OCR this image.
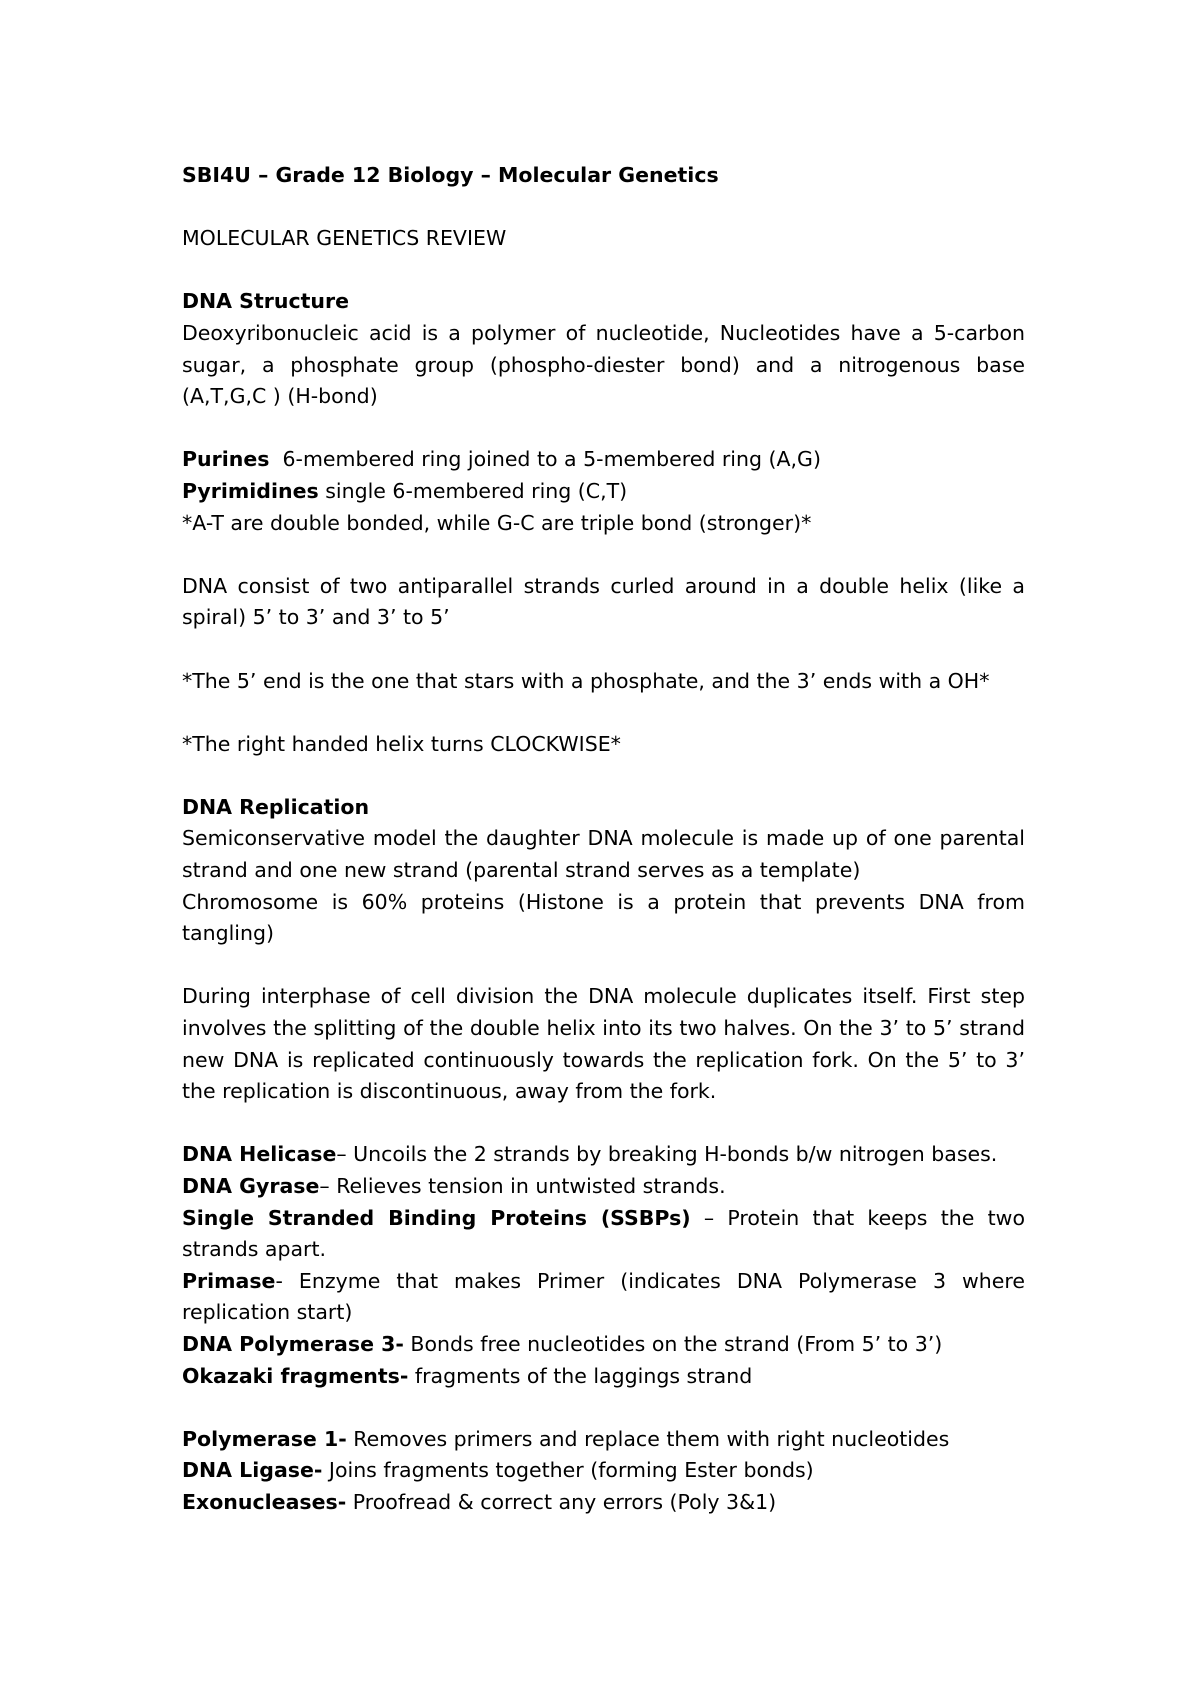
SBI4U – Grade 12 Biology – Molecular Genetics

MOLECULAR GENETICS REVIEW

DNA Structure

Deoxyribonucleic acid is a polymer of nucleotide, Nucleotides have a 5-carbon sugar, a phosphate group (phospho-diester bond) and a nitrogenous base (A,T,G,C ) (H-bond)

Purines 6-membered ring joined to a 5-membered ring (A,G)

Pyrimidines single 6-membered ring (C,T)

*A-T are double bonded, while G-C are triple bond (stronger)*

DNA consist of two antiparallel strands curled around in a double helix (like a spiral) 5’ to 3’ and 3’ to 5’

*The 5’ end is the one that stars with a phosphate, and the 3’ ends with a OH*

*The right handed helix turns CLOCKWISE*

DNA Replication

Semiconservative model the daughter DNA molecule is made up of one parental strand and one new strand (parental strand serves as a template)

Chromosome is 60% proteins (Histone is a protein that prevents DNA from tangling)

During interphase of cell division the DNA molecule duplicates itself. First step involves the splitting of the double helix into its two halves. On the 3’ to 5’ strand new DNA is replicated continuously towards the replication fork. On the 5’ to 3’ the replication is discontinuous, away from the fork.

DNA Helicase– Uncoils the 2 strands by breaking H-bonds b/w nitrogen bases.

DNA Gyrase– Relieves tension in untwisted strands.

Single Stranded Binding Proteins (SSBPs) – Protein that keeps the two strands apart.

Primase- Enzyme that makes Primer (indicates DNA Polymerase 3 where replication start)

DNA Polymerase 3- Bonds free nucleotides on the strand (From 5’ to 3’)

Okazaki fragments- fragments of the laggings strand

Polymerase 1- Removes primers and replace them with right nucleotides

DNA Ligase- Joins fragments together (forming Ester bonds)

Exonucleases- Proofread & correct any errors (Poly 3&1)
